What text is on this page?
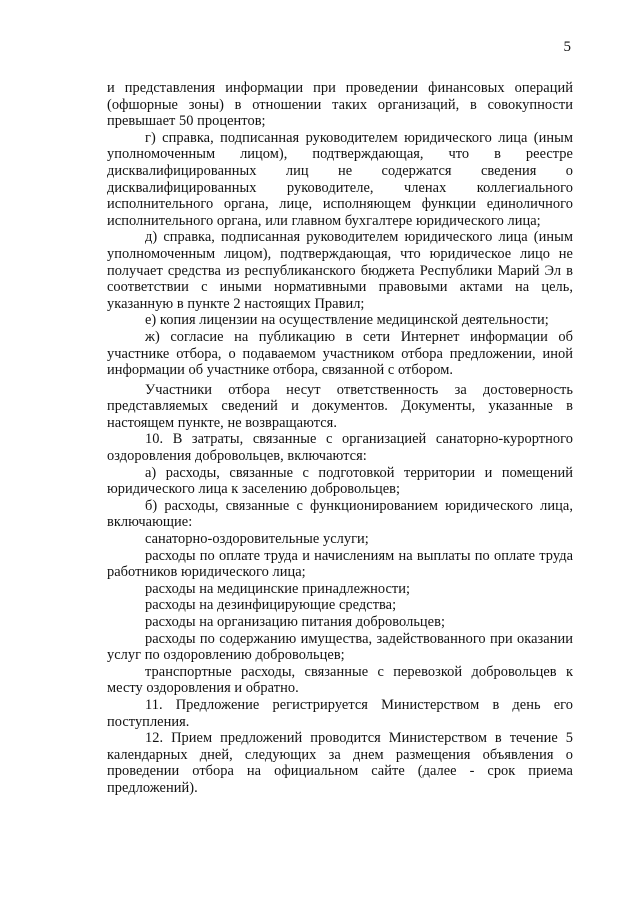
5

и представления информации при проведении финансовых операций (офшорные зоны) в отношении таких организаций, в совокупности превышает 50 процентов;

г) справка, подписанная руководителем юридического лица (иным уполномоченным лицом), подтверждающая, что в реестре дисквалифицированных лиц не содержатся сведения о дисквалифицированных руководителе, членах коллегиального исполнительного органа, лице, исполняющем функции единоличного исполнительного органа, или главном бухгалтере юридического лица;

д) справка, подписанная руководителем юридического лица (иным уполномоченным лицом), подтверждающая, что юридическое лицо не получает средства из республиканского бюджета Республики Марий Эл в соответствии с иными нормативными правовыми актами на цель, указанную в пункте 2 настоящих Правил;

е) копия лицензии на осуществление медицинской деятельности;

ж) согласие на публикацию в сети Интернет информации об участнике отбора, о подаваемом участником отбора предложении, иной информации об участнике отбора, связанной с отбором.

Участники отбора несут ответственность за достоверность представляемых сведений и документов. Документы, указанные в настоящем пункте, не возвращаются.

10. В затраты, связанные с организацией санаторно-курортного оздоровления добровольцев, включаются:

а) расходы, связанные с подготовкой территории и помещений юридического лица к заселению добровольцев;

б) расходы, связанные с функционированием юридического лица, включающие:

санаторно-оздоровительные услуги;

расходы по оплате труда и начислениям на выплаты по оплате труда работников юридического лица;

расходы на медицинские принадлежности;

расходы на дезинфицирующие средства;

расходы на организацию питания добровольцев;

расходы по содержанию имущества, задействованного при оказании услуг по оздоровлению добровольцев;

транспортные расходы, связанные с перевозкой добровольцев к месту оздоровления и обратно.

11. Предложение регистрируется Министерством в день его поступления.

12. Прием предложений проводится Министерством в течение 5 календарных дней, следующих за днем размещения объявления о проведении отбора на официальном сайте (далее - срок приема предложений).
